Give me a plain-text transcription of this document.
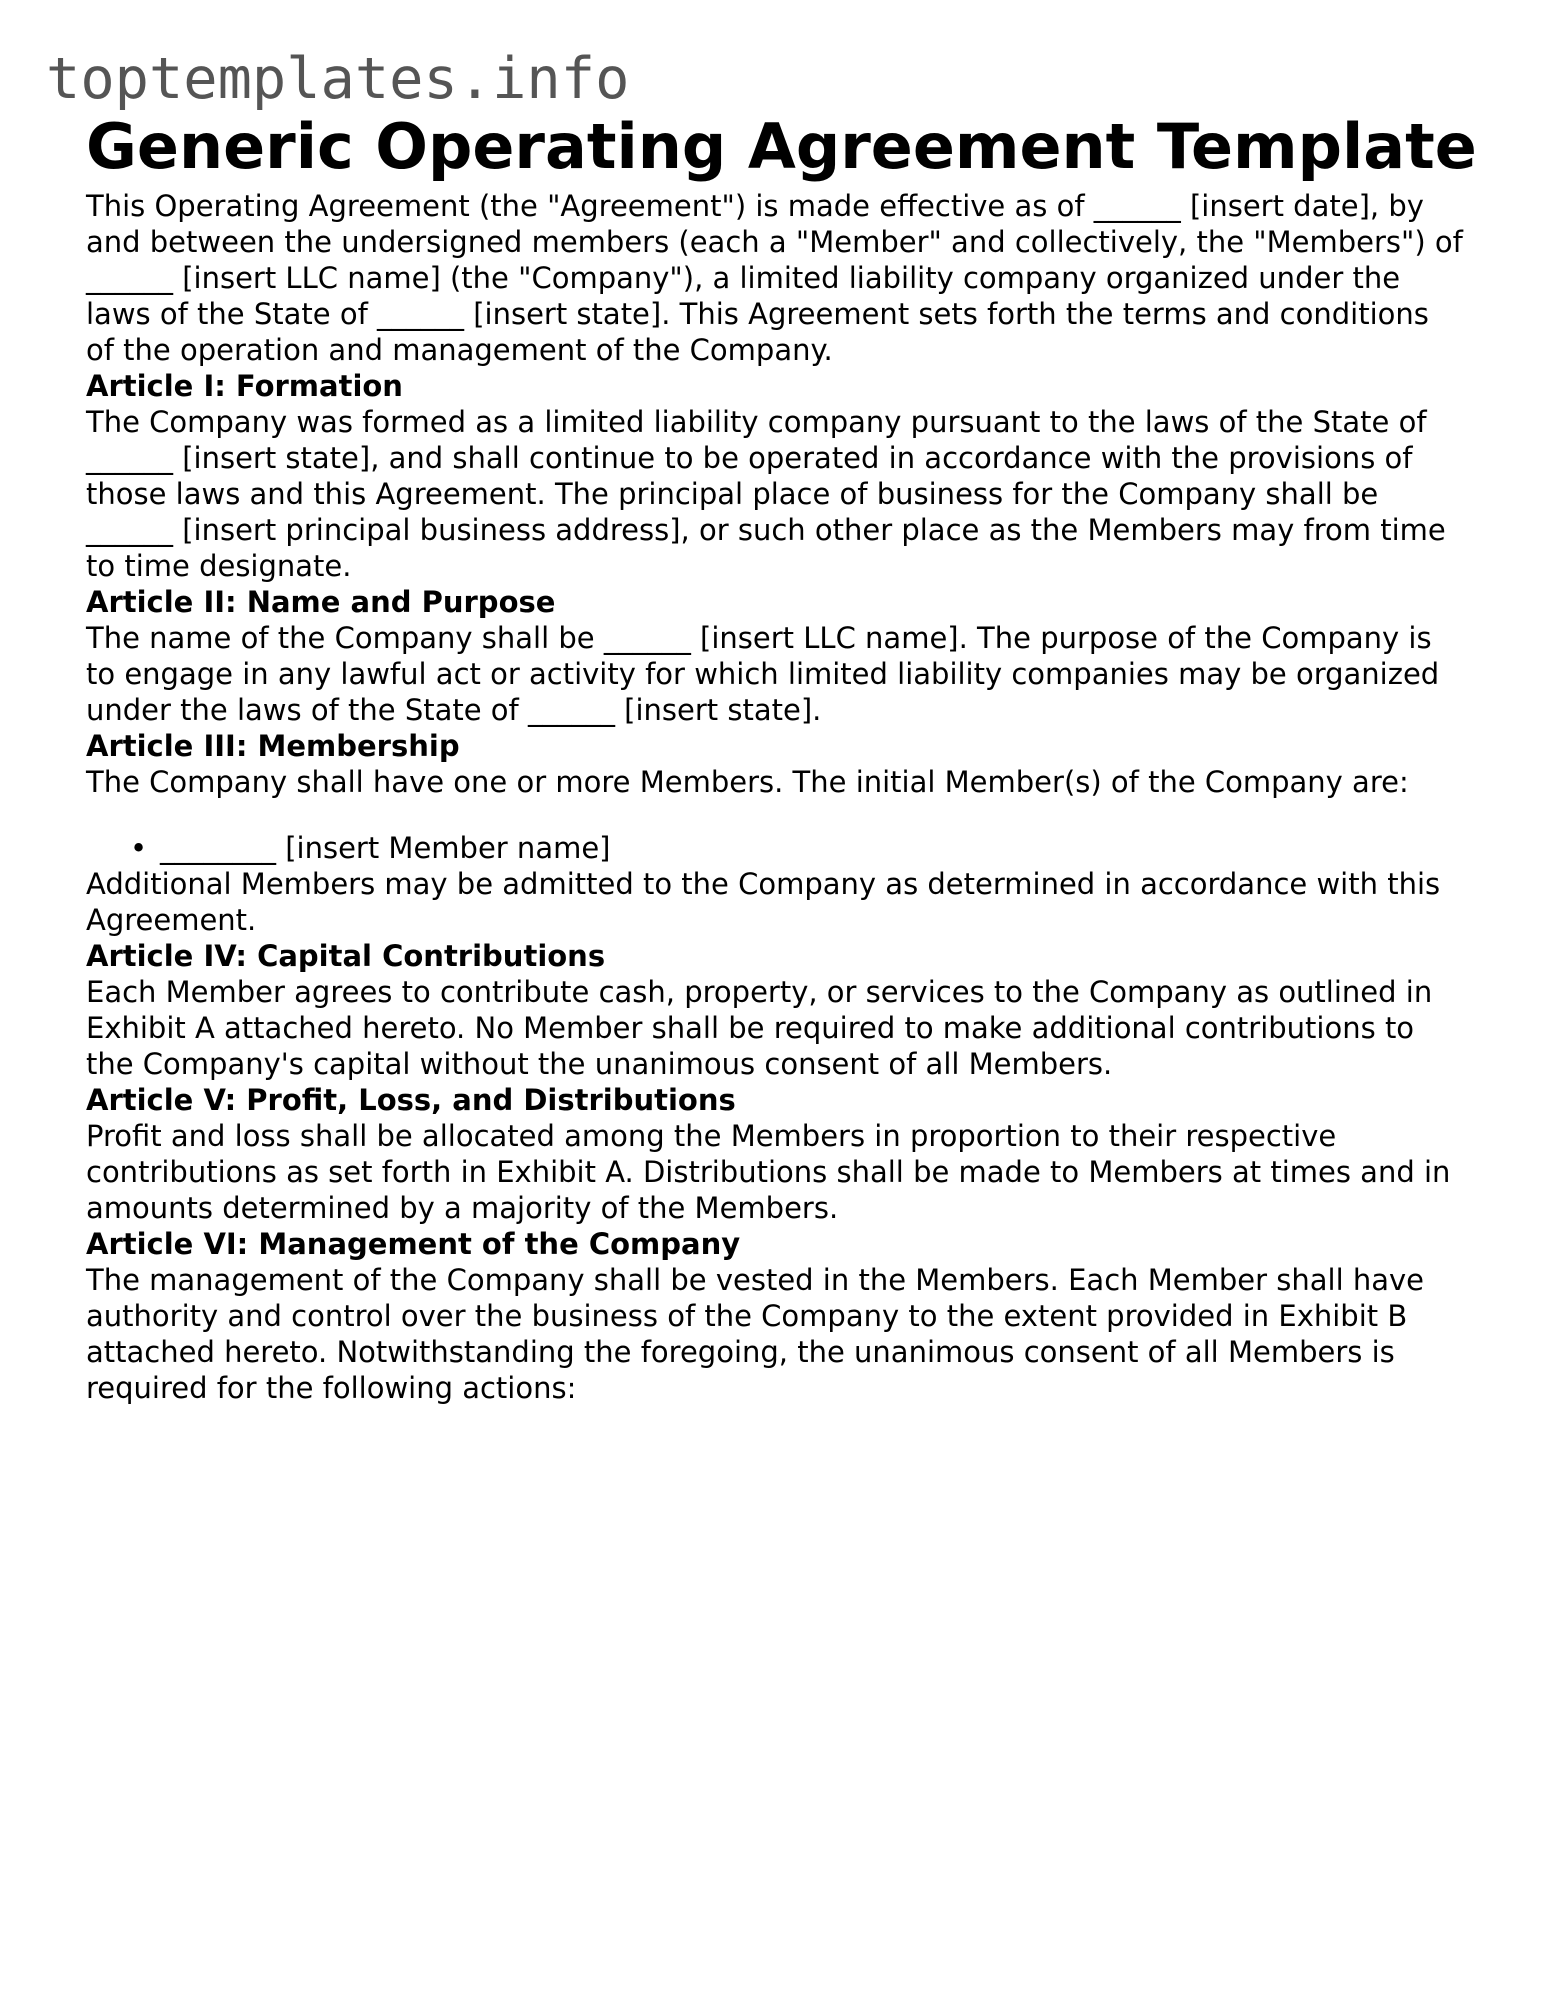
toptemplates.info
Generic Operating Agreement Template

This Operating Agreement (the "Agreement") is made effective as of ______ [insert date], by and between the undersigned members (each a "Member" and collectively, the "Members") of ______ [insert LLC name] (the "Company"), a limited liability company organized under the laws of the State of ______ [insert state]. This Agreement sets forth the terms and conditions of the operation and management of the Company.

Article I: Formation

The Company was formed as a limited liability company pursuant to the laws of the State of ______ [insert state], and shall continue to be operated in accordance with the provisions of those laws and this Agreement. The principal place of business for the Company shall be ______ [insert principal business address], or such other place as the Members may from time to time designate.

Article II: Name and Purpose

The name of the Company shall be ______ [insert LLC name]. The purpose of the Company is to engage in any lawful act or activity for which limited liability companies may be organized under the laws of the State of ______ [insert state].

Article III: Membership

The Company shall have one or more Members. The initial Member(s) of the Company are:

• ________ [insert Member name]

Additional Members may be admitted to the Company as determined in accordance with this Agreement.

Article IV: Capital Contributions

Each Member agrees to contribute cash, property, or services to the Company as outlined in Exhibit A attached hereto. No Member shall be required to make additional contributions to the Company's capital without the unanimous consent of all Members.

Article V: Profit, Loss, and Distributions

Profit and loss shall be allocated among the Members in proportion to their respective contributions as set forth in Exhibit A. Distributions shall be made to Members at times and in amounts determined by a majority of the Members.

Article VI: Management of the Company

The management of the Company shall be vested in the Members. Each Member shall have authority and control over the business of the Company to the extent provided in Exhibit B attached hereto. Notwithstanding the foregoing, the unanimous consent of all Members is required for the following actions:
